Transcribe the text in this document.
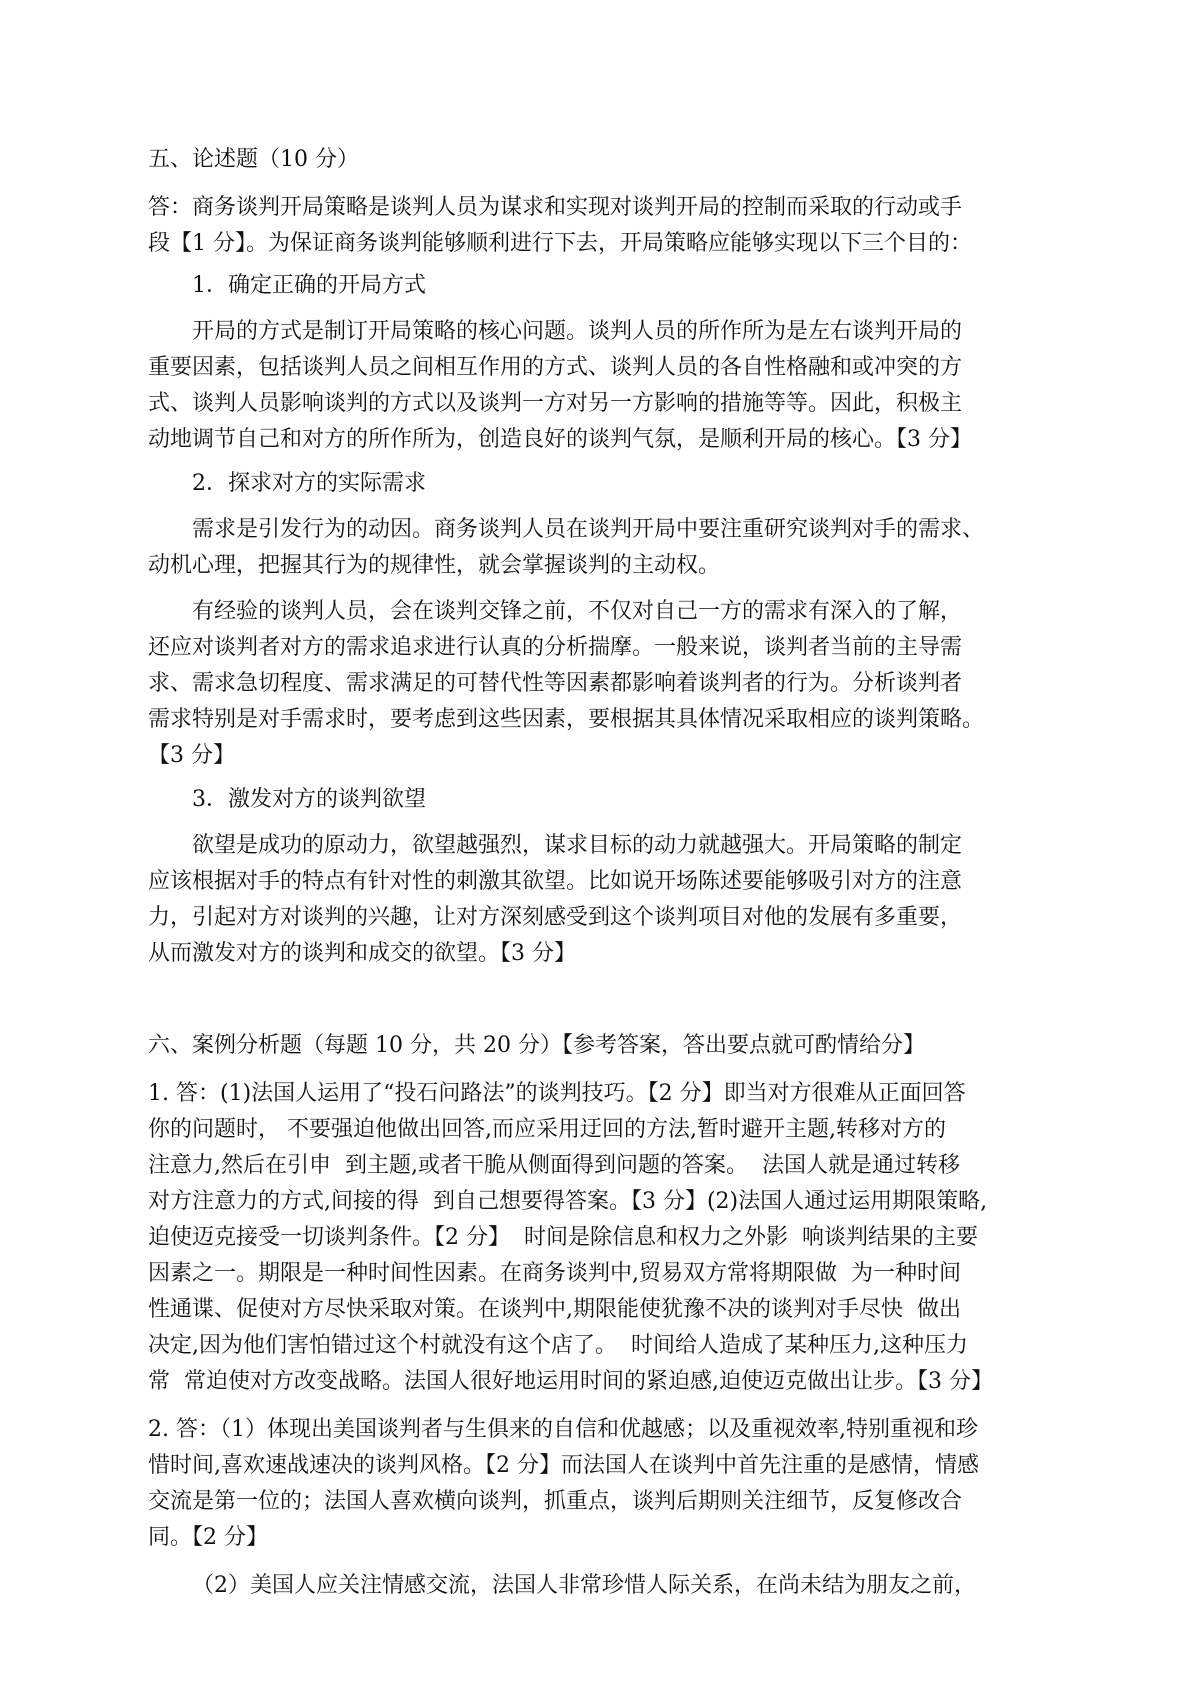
五、论述题（10 分）

答：商务谈判开局策略是谈判人员为谋求和实现对谈判开局的控制而采取的行动或手

段【1 分】。为保证商务谈判能够顺利进行下去，开局策略应能够实现以下三个目的：

1．确定正确的开局方式

开局的方式是制订开局策略的核心问题。谈判人员的所作所为是左右谈判开局的

重要因素，包括谈判人员之间相互作用的方式、谈判人员的各自性格融和或冲突的方

式、谈判人员影响谈判的方式以及谈判一方对另一方影响的措施等等。因此，积极主

动地调节自己和对方的所作所为，创造良好的谈判气氛，是顺利开局的核心。【3 分】

2．探求对方的实际需求

需求是引发行为的动因。商务谈判人员在谈判开局中要注重研究谈判对手的需求、

动机心理，把握其行为的规律性，就会掌握谈判的主动权。

有经验的谈判人员，会在谈判交锋之前，不仅对自己一方的需求有深入的了解，

还应对谈判者对方的需求追求进行认真的分析揣摩。一般来说，谈判者当前的主导需

求、需求急切程度、需求满足的可替代性等因素都影响着谈判者的行为。分析谈判者

需求特别是对手需求时，要考虑到这些因素，要根据其具体情况采取相应的谈判策略。

【3 分】

3．激发对方的谈判欲望

欲望是成功的原动力，欲望越强烈，谋求目标的动力就越强大。开局策略的制定

应该根据对手的特点有针对性的刺激其欲望。比如说开场陈述要能够吸引对方的注意

力，引起对方对谈判的兴趣，让对方深刻感受到这个谈判项目对他的发展有多重要，

从而激发对方的谈判和成交的欲望。【3 分】

六、案例分析题（每题 10 分，共 20 分）【参考答案，答出要点就可酌情给分】

1. 答：(1)法国人运用了“投石问路法”的谈判技巧。【2 分】即当对方很难从正面回答

你的问题时， 不要强迫他做出回答,而应采用迂回的方法,暂时避开主题,转移对方的

注意力,然后在引申  到主题,或者干脆从侧面得到问题的答案。  法国人就是通过转移

对方注意力的方式,间接的得  到自己想要得答案。【3 分】(2)法国人通过运用期限策略,

迫使迈克接受一切谈判条件。【2 分】  时间是除信息和权力之外影  响谈判结果的主要

因素之一。期限是一种时间性因素。在商务谈判中,贸易双方常将期限做  为一种时间

性通谍、促使对方尽快采取对策。在谈判中,期限能使犹豫不决的谈判对手尽快  做出

决定,因为他们害怕错过这个村就没有这个店了。  时间给人造成了某种压力,这种压力

常  常迫使对方改变战略。法国人很好地运用时间的紧迫感,迫使迈克做出让步。【3 分】

2. 答：（1）体现出美国谈判者与生俱来的自信和优越感；以及重视效率,特别重视和珍

惜时间,喜欢速战速决的谈判风格。【2 分】而法国人在谈判中首先注重的是感情，情感

交流是第一位的；法国人喜欢横向谈判，抓重点，谈判后期则关注细节，反复修改合

同。【2 分】

（2）美国人应关注情感交流，法国人非常珍惜人际关系，在尚未结为朋友之前，
